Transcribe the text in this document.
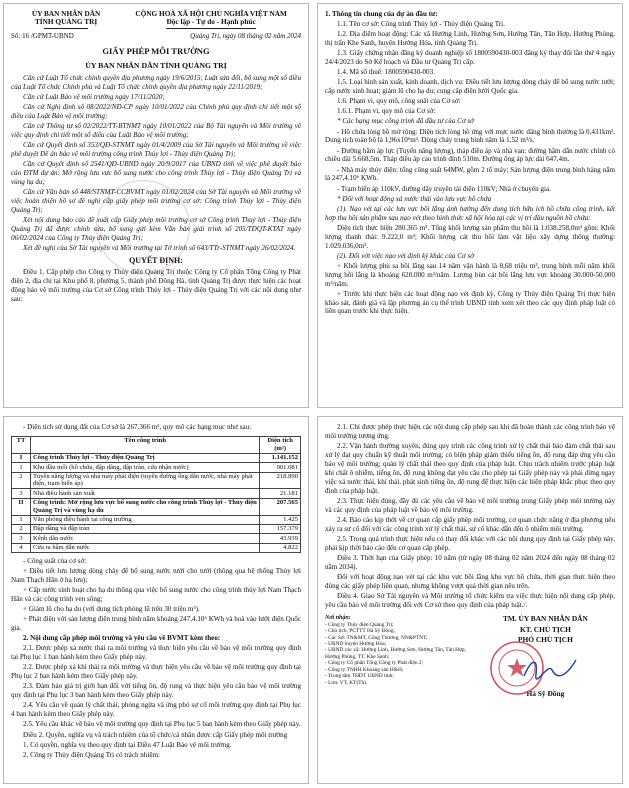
ỦY BAN NHÂN DÂN
TỈNH QUẢNG TRỊ
CỘNG HOÀ XÃ HỘI CHỦ NGHĨA VIỆT NAM
Độc lập - Tự do - Hạnh phúc
Số: 16 /GPMT-UBND	Quảng Trị, ngày 08 tháng 02 năm 2024

GIẤY PHÉP MÔI TRƯỜNG

ỦY BAN NHÂN DÂN TỈNH QUẢNG TRỊ

Căn cứ Luật Tổ chức chính quyền địa phương ngày 19/6/2015; Luật sửa đổi, bổ sung một số điều của Luật Tổ chức Chính phủ và Luật Tổ chức chính quyền địa phương ngày 22/11/2019;

Căn cứ Luật Bảo vệ môi trường ngày 17/11/2020;

Căn cứ Nghị định số 08/2022/NĐ-CP ngày 10/01/2022 của Chính phủ quy định chi tiết một số điều của Luật Bảo vệ môi trường;

Căn cứ Thông tư số 02/2022/TT-BTNMT ngày 10/01/2022 của Bộ Tài nguyên và Môi trường về việc quy định chi tiết một số điều của Luật Bảo vệ môi trường;

Căn cứ Quyết định số 353/QĐ-STNMT ngày 01/4/2009 của Sở Tài nguyên và Môi trường về việc phê duyệt Đề án bảo vệ môi trường công trình Thủy lợi - Thủy điện Quảng Trị;

Căn cứ Quyết định số 2541/QĐ-UBND ngày 20/9/2017 của UBND tỉnh về việc phê duyệt báo cáo ĐTM dự án: Mở rộng lưu vực bổ sung nước cho công trình Thủy lợi - Thủy điện Quảng Trị và vùng hạ du;

Căn cứ Văn bản số 448/STNMT-CCBVMT ngày 01/02/2024 của Sở Tài nguyên và Môi trường về việc hoàn thiện hồ sơ đề nghị cấp giấy phép môi trường cơ sở: Công trình Thủy lợi - Thủy điện Quảng Trị;

Xét nội dung báo cáo đề xuất cấp Giấy phép môi trường cơ sở Công trình Thuỷ lợi - Thủy điện Quảng Trị đã được chỉnh sửa, bổ sung gửi kèm Văn bản giải trình số 205/TĐQT-KTAT ngày 06/02/2024 của Công ty Thủy điện Quảng Trị;

Xét đề nghị của Sở Tài nguyên và Môi trường tại Tờ trình số 643/TTr-STNMT ngày 26/02/2024.

QUYẾT ĐỊNH:

Điều 1. Cấp phép cho Công ty Thủy điện Quảng Trị thuộc Công ty Cổ phần Tổng Công ty Phát điện 2, địa chỉ tại Khu phố 8, phường 5, thành phố Đông Hà, tỉnh Quảng Trị được thực hiện các hoạt động bảo vệ môi trường của Cơ sở Công trình Thủy lợi - Thủy điện Quảng Trị với các nội dung như sau:

1. Thông tin chung của dự án đầu tư:

1.1. Tên cơ sở: Công trình Thủy lợi - Thủy điện Quảng Trị.

1.2. Địa điểm hoạt động: Các xã Hướng Linh, Hướng Sơn, Hướng Tân, Tân Hợp, Hướng Phùng, thị trấn Khe Sanh, huyện Hướng Hóa, tỉnh Quảng Trị.

1.3. Giấy chứng nhận đăng ký doanh nghiệp số 1800590430-003 đăng ký thay đổi lần thứ 4 ngày 24/4/2023 do Sở Kế hoạch và Đầu tư Quảng Trị cấp.

1.4. Mã số thuế: 1800590430-003.

1.5. Loại hình sản xuất, kinh doanh, dịch vụ: Điều tiết lưu lượng dòng chảy để bổ sung nước tưới; cấp nước sinh hoạt; giảm lũ cho hạ du; cung cấp điện lưới Quốc gia.

1.6. Phạm vi, quy mô, công suất của Cơ sở:

1.6.1. Phạm vi, quy mô của Cơ sở:

* Các hạng mục công trình đã đầu tư của Cơ sở

- Hồ chứa lòng hồ mở rộng: Diện tích lòng hồ ứng với mực nước dâng bình thường là 0,431km². Dung tích toàn bộ là 1,96x10⁶m³. Dòng chảy trung bình năm là 1,52 m³/s.

- Đường hầm áp lực (Tuyến năng lượng), tháp điều áp và nhà van: đường hầm dẫn nước chính có chiều dài 5.668,5m. Tháp điều áp cao trình đỉnh 510m. Đường ống áp lực dài 647,4m.

- Nhà máy thủy điện: tổng công suất 64MW, gồm 2 tổ máy; Sản lượng điện trung bình hàng năm là 247,4.10⁶ KWh.

- Trạm biến áp 110kV, đường dây truyền tải điện 110kV; Nhà ở chuyên gia.

* Đối với hoạt động xả nước thải vào lưu vực hồ chứa

(1). Nạo vét tại các lưu vực bồi lắng ảnh hưởng đến dung tích hữu ích hồ chứa công trình, kết hợp thu hồi sản phẩm sau nạo vét theo hình thức xã hội hóa tại các vị trí đầu nguồn hồ chứa:

Diện tích thực hiện 280.365 m². Tổng khối lượng sản phẩm thu hồi là 1.038.258,0m³ gồm: Khối lượng thanh thải: 9.222,0 m³; Khối lượng cát thu hồi làm vật liệu xây dựng thông thường: 1.029.036,0m³.

(2). Đối với việc nạo vét định kỳ khác của Cơ sở

+ Khối lượng phù sa bồi lắng sau 14 năm vận hành là 8,68 triệu m³, trung bình mỗi năm khối lượng bồi lắng là khoảng 620.000 m³/năm. Lượng bùn cát bồi lắng lưu vực khoảng 30.000-50.000 m³/năm.

+ Trước khi thực hiện các hoạt động nạo vét định kỳ, Công ty Thủy điện Quảng Trị thực hiện khảo sát, đánh giá và lập phương án cụ thể trình UBND tỉnh xem xét theo các quy định pháp luật có liên quan trước khi thực hiện.

- Diện tích sử dụng đất của Cơ sở là 267.366 m², quy mô các hạng mục như sau:

TT	Tên công trình	Diện tích (m²)
I	Công trình Thủy lợi - Thủy điện Quảng Trị	1.141.152
1	Khu đầu mối (hồ chứa, đập dâng, đập tràn, cửa nhận nước)	901.081
2	Tuyến năng lượng và nhà máy phát điện (tuyến đường ống dẫn nước, nhà máy phát điện, trạm biến áp)	218.890
3	Nhà điều hành sản xuất	21.181
II	Công trình: Mở rộng lưu vực bổ sung nước cho công trình Thủy lợi - Thủy điện Quảng Trị và vùng hạ du	207.565
1	Văn phòng điều hành tại công trường	1.425
2	Đập dâng và đập tràn	157.379
3	Kênh dẫn nước	43.939
4	Cửa ra hầm dẫn nước	4.822

- Công suất của cơ sở:

+ Điều tiết lưu lượng dòng chảy để bổ sung nước tưới cho tưới (thông qua hệ thống Thủy lợi Nam Thạch Hãn ở hạ lưu);

+ Cấp nước sinh hoạt cho hạ du thông qua việc bổ sung nước cho công trình thủy lợi Nam Thạch Hãn và các công trình ven sông;

+ Giảm lũ cho hạ du (với dung tích phòng lũ trên 30 triệu m³).

+ Phát điện với sản lượng điện trung bình năm khoảng 247,4.10⁶ KWh và hoà vào lưới điện Quốc gia.

2. Nội dung cấp phép môi trường và yêu cầu về BVMT kèm theo:

2.1. Được phép xả nước thải ra môi trường và thực hiện yêu cầu về bảo vệ môi trường quy định tại Phụ lục 1 ban hành kèm theo Giấy phép này.

2.2. Được phép xả khí thải ra môi trường và thực hiện yêu cầu về bảo vệ môi trường quy định tại Phụ lục 2 ban hành kèm theo Giấy phép này.

2.3. Đảm bảo giá trị giới hạn đối với tiếng ồn, độ rung và thực hiện yêu cầu bảo vệ môi trường quy định tại Phụ lục 3 ban hành kèm theo Giấy phép này.

2.4. Yêu cầu về quản lý chất thải, phòng ngừa và ứng phó sự cố môi trường quy định tại Phụ lục 4 ban hành kèm theo Giấy phép này.

2.5. Yêu cầu khác về bảo vệ môi trường quy định tại Phụ lục 5 ban hành kèm theo Giấy phép này.

Điều 2. Quyền, nghĩa vụ và trách nhiệm của tổ chức/cá nhân được cấp Giấy phép môi trường

1. Có quyền, nghĩa vụ theo quy định tại Điều 47 Luật Bảo vệ môi trường.

2. Công ty Thủy điện Quảng Trị có trách nhiệm:

2.1. Chỉ được phép thực hiện các nội dung cấp phép sau khi đã hoàn thành các công trình bảo vệ môi trường tương ứng.

2.2. Vận hành thường xuyên, đúng quy trình các công trình xử lý chất thải bảo đảm chất thải sau xử lý đạt quy chuẩn kỹ thuật môi trường; có biện pháp giảm thiểu tiếng ồn, độ rung đáp ứng yêu cầu bảo vệ môi trường; quản lý chất thải theo quy định của pháp luật. Chịu trách nhiệm trước pháp luật khi chất ô nhiễm, tiếng ồn, độ rung không đạt yêu cầu cho phép tại Giấy phép này và phải dừng ngay việc xả nước thải, khí thải, phát sinh tiếng ồn, độ rung để thực hiện các biện pháp khắc phục theo quy định của pháp luật.

2.3. Thực hiện đúng, đầy đủ các yêu cầu về bảo vệ môi trường trong Giấy phép môi trường này và các quy định của pháp luật về bảo vệ môi trường.

2.4. Báo cáo kịp thời về cơ quan cấp giấy phép môi trường, cơ quan chức năng ở địa phương nếu xảy ra sự cố đối với các công trình xử lý chất thải, sự cố khác dẫn đến ô nhiễm môi trường.

2.5. Trong quá trình thực hiện nếu có thay đổi khác với các nội dung quy định tại Giấy phép này, phải kịp thời báo cáo đến cơ quan cấp phép.

Điều 3. Thời hạn của Giấy phép: 10 năm (từ ngày 08 tháng 02 năm 2024 đến ngày 08 tháng 02 năm 2034).

Đối với hoạt động nạo vét tại các khu vực bồi lắng khu vực hồ chứa, thời gian thực hiện theo đúng các giấy phép liên quan, nhưng không vượt quá thời gian nêu trên.

Điều 4. Giao Sở Tài nguyên và Môi trường tổ chức kiểm tra việc thực hiện nội dung cấp phép, yêu cầu bảo vệ môi trường đối với Cơ sở theo quy định của pháp luật./.

Nơi nhận:

- Công ty Thủy điện Quảng Trị;

- Chủ tịch, PCTTT Hà Sỹ Đồng;

- Các Sở: TN&MT, Công Thương, NN&PTNT;

- UBND huyện Hướng Hóa;

- UBND các xã: Hướng Linh, Hướng Sơn, Hướng Tân, Tân Hợp, Hướng Phùng, TT. Khe Sanh;

- Công ty Cổ phần Tổng Công ty Phát điện 2;

- Công ty TNHH Khoáng sản H&H;

- Trung tâm TĐDT UBND tỉnh;

- Lưu: VT, KT(Th).

TM. ỦY BAN NHÂN DÂN

KT. CHỦ TỊCH

PHÓ CHỦ TỊCH

Hà Sỹ Đồng
